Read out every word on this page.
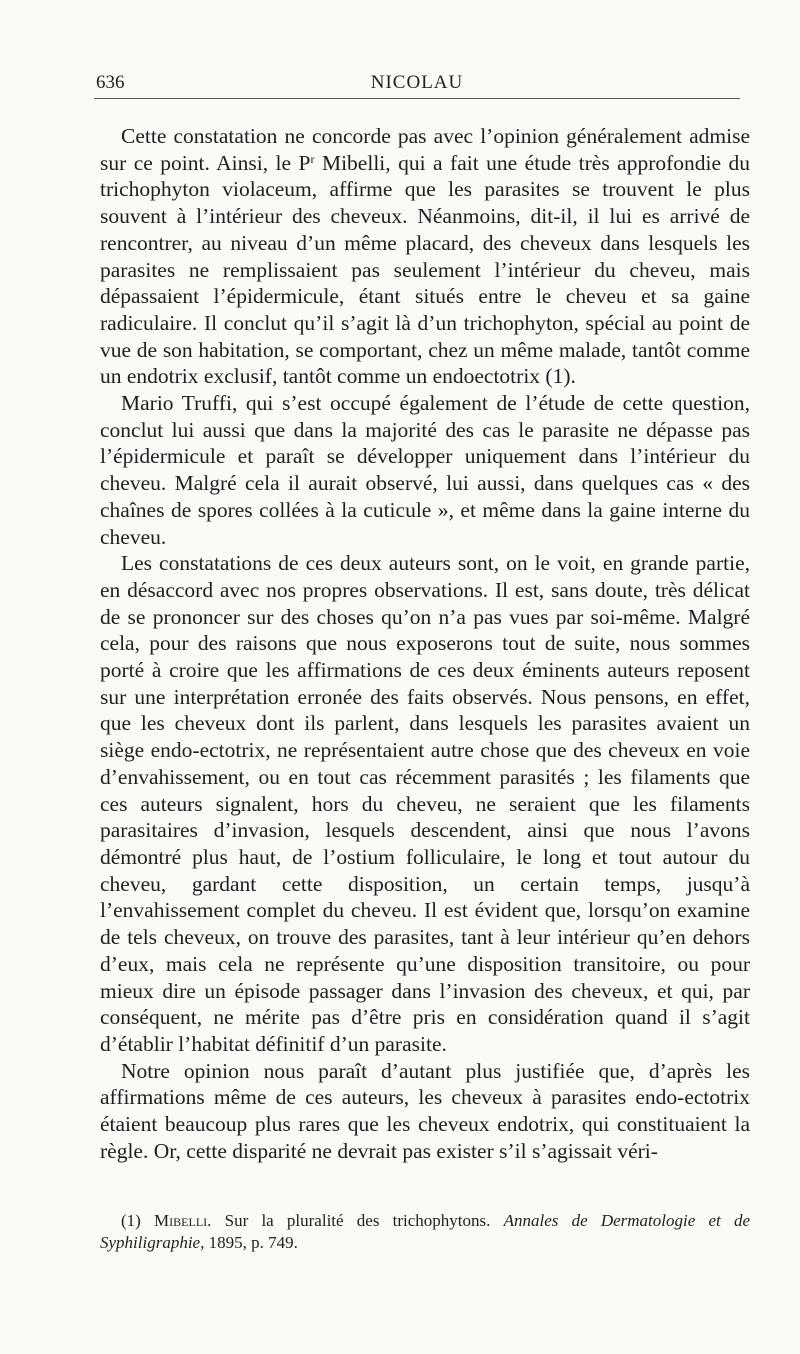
636	NICOLAU

Cette constatation ne concorde pas avec l’opinion généralement admise sur ce point. Ainsi, le $P^r$ Mibelli, qui a fait une étude très approfondie du trichophyton violaceum, affirme que les parasites se trouvent le plus souvent à l’intérieur des cheveux. Néanmoins, dit-il, il lui es arrivé de rencontrer, au niveau d’un même placard, des cheveux dans lesquels les parasites ne remplissaient pas seulement l’intérieur du cheveu, mais dépassaient l’épidermicule, étant situés entre le cheveu et sa gaine radiculaire. Il conclut qu’il s’agit là d’un trichophyton, spécial au point de vue de son habitation, se comportant, chez un même malade, tantôt comme un endotrix exclusif, tantôt comme un endoectotrix (1).

Mario Truffi, qui s’est occupé également de l’étude de cette question, conclut lui aussi que dans la majorité des cas le parasite ne dépasse pas l’épidermicule et paraît se développer uniquement dans l’intérieur du cheveu. Malgré cela il aurait observé, lui aussi, dans quelques cas « des chaînes de spores collées à la cuticule », et même dans la gaine interne du cheveu.

Les constatations de ces deux auteurs sont, on le voit, en grande partie, en désaccord avec nos propres observations. Il est, sans doute, très délicat de se prononcer sur des choses qu’on n’a pas vues par soi-même. Malgré cela, pour des raisons que nous exposerons tout de suite, nous sommes porté à croire que les affirmations de ces deux éminents auteurs reposent sur une interprétation erronée des faits observés. Nous pensons, en effet, que les cheveux dont ils parlent, dans lesquels les parasites avaient un siège endo-ectotrix, ne représentaient autre chose que des cheveux en voie d’envahissement, ou en tout cas récemment parasités ; les filaments que ces auteurs signalent, hors du cheveu, ne seraient que les filaments parasitaires d’invasion, lesquels descendent, ainsi que nous l’avons démontré plus haut, de l’ostium folliculaire, le long et tout autour du cheveu, gardant cette disposition, un certain temps, jusqu’à l’envahissement complet du cheveu. Il est évident que, lorsqu’on examine de tels cheveux, on trouve des parasites, tant à leur intérieur qu’en dehors d’eux, mais cela ne représente qu’une disposition transitoire, ou pour mieux dire un épisode passager dans l’invasion des cheveux, et qui, par conséquent, ne mérite pas d’être pris en considération quand il s’agit d’établir l’habitat définitif d’un parasite.

Notre opinion nous paraît d’autant plus justifiée que, d’après les affirmations même de ces auteurs, les cheveux à parasites endo-ectotrix étaient beaucoup plus rares que les cheveux endotrix, qui constituaient la règle. Or, cette disparité ne devrait pas exister s’il s’agissait véri-

(1) Mibelli. Sur la pluralité des trichophytons. Annales de Dermatologie et de Syphiligraphie, 1895, p. 749.
